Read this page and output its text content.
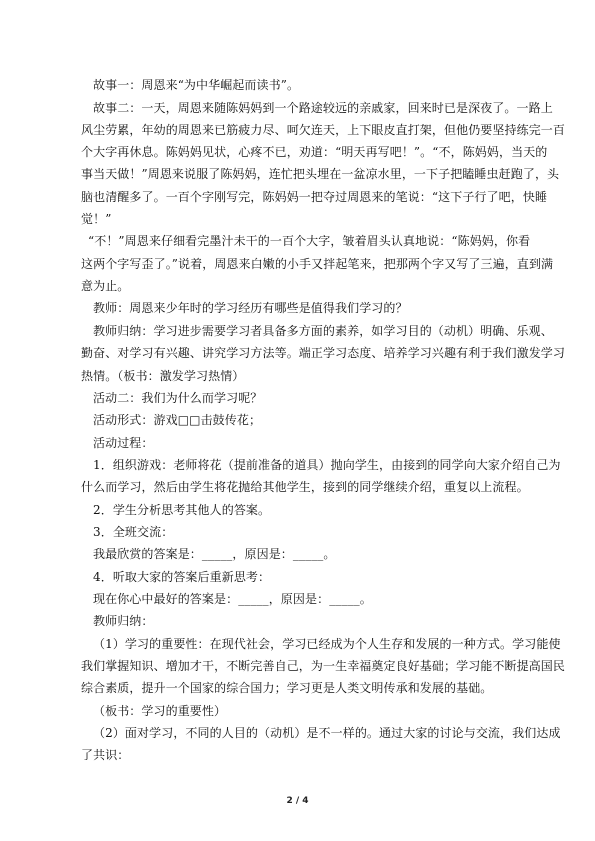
故事一：周恩来“为中华崛起而读书”。
故事二：一天，周恩来随陈妈妈到一个路途较远的亲戚家，回来时已是深夜了。一路上
风尘劳累，年幼的周恩来已筋疲力尽、呵欠连天，上下眼皮直打架，但他仍要坚持练完一百
个大字再休息。陈妈妈见状，心疼不已，劝道：“明天再写吧！”。“不，陈妈妈，当天的
事当天做！”周恩来说服了陈妈妈，连忙把头埋在一盆凉水里，一下子把瞌睡虫赶跑了，头
脑也清醒多了。一百个字刚写完，陈妈妈一把夺过周恩来的笔说：“这下子行了吧，快睡
觉！”
“不！”周恩来仔细看完墨汁未干的一百个大字，皱着眉头认真地说：“陈妈妈，你看
这两个字写歪了。”说着，周恩来白嫩的小手又拌起笔来，把那两个字又写了三遍，直到满
意为止。
教师：周恩来少年时的学习经历有哪些是值得我们学习的？
教师归纳：学习进步需要学习者具备多方面的素养，如学习目的（动机）明确、乐观、
勤奋、对学习有兴趣、讲究学习方法等。端正学习态度、培养学习兴趣有利于我们激发学习
热情。（板书：激发学习热情）
活动二：我们为什么而学习呢？
活动形式：游戏□□击鼓传花；
活动过程：
1．组织游戏：老师将花（提前准备的道具）抛向学生，由接到的同学向大家介绍自己为
什么而学习，然后由学生将花抛给其他学生，接到的同学继续介绍，重复以上流程。
2．学生分析思考其他人的答案。
3．全班交流：
我最欣赏的答案是：_____，原因是：_____。
4．听取大家的答案后重新思考：
现在你心中最好的答案是：_____，原因是：_____。
教师归纳：
（1）学习的重要性：在现代社会，学习已经成为个人生存和发展的一种方式。学习能使
我们掌握知识、增加才干，不断完善自己，为一生幸福奠定良好基础；学习能不断提高国民
综合素质，提升一个国家的综合国力；学习更是人类文明传承和发展的基础。
（板书：学习的重要性）
（2）面对学习，不同的人目的（动机）是不一样的。通过大家的讨论与交流，我们达成
了共识：
2 / 4
